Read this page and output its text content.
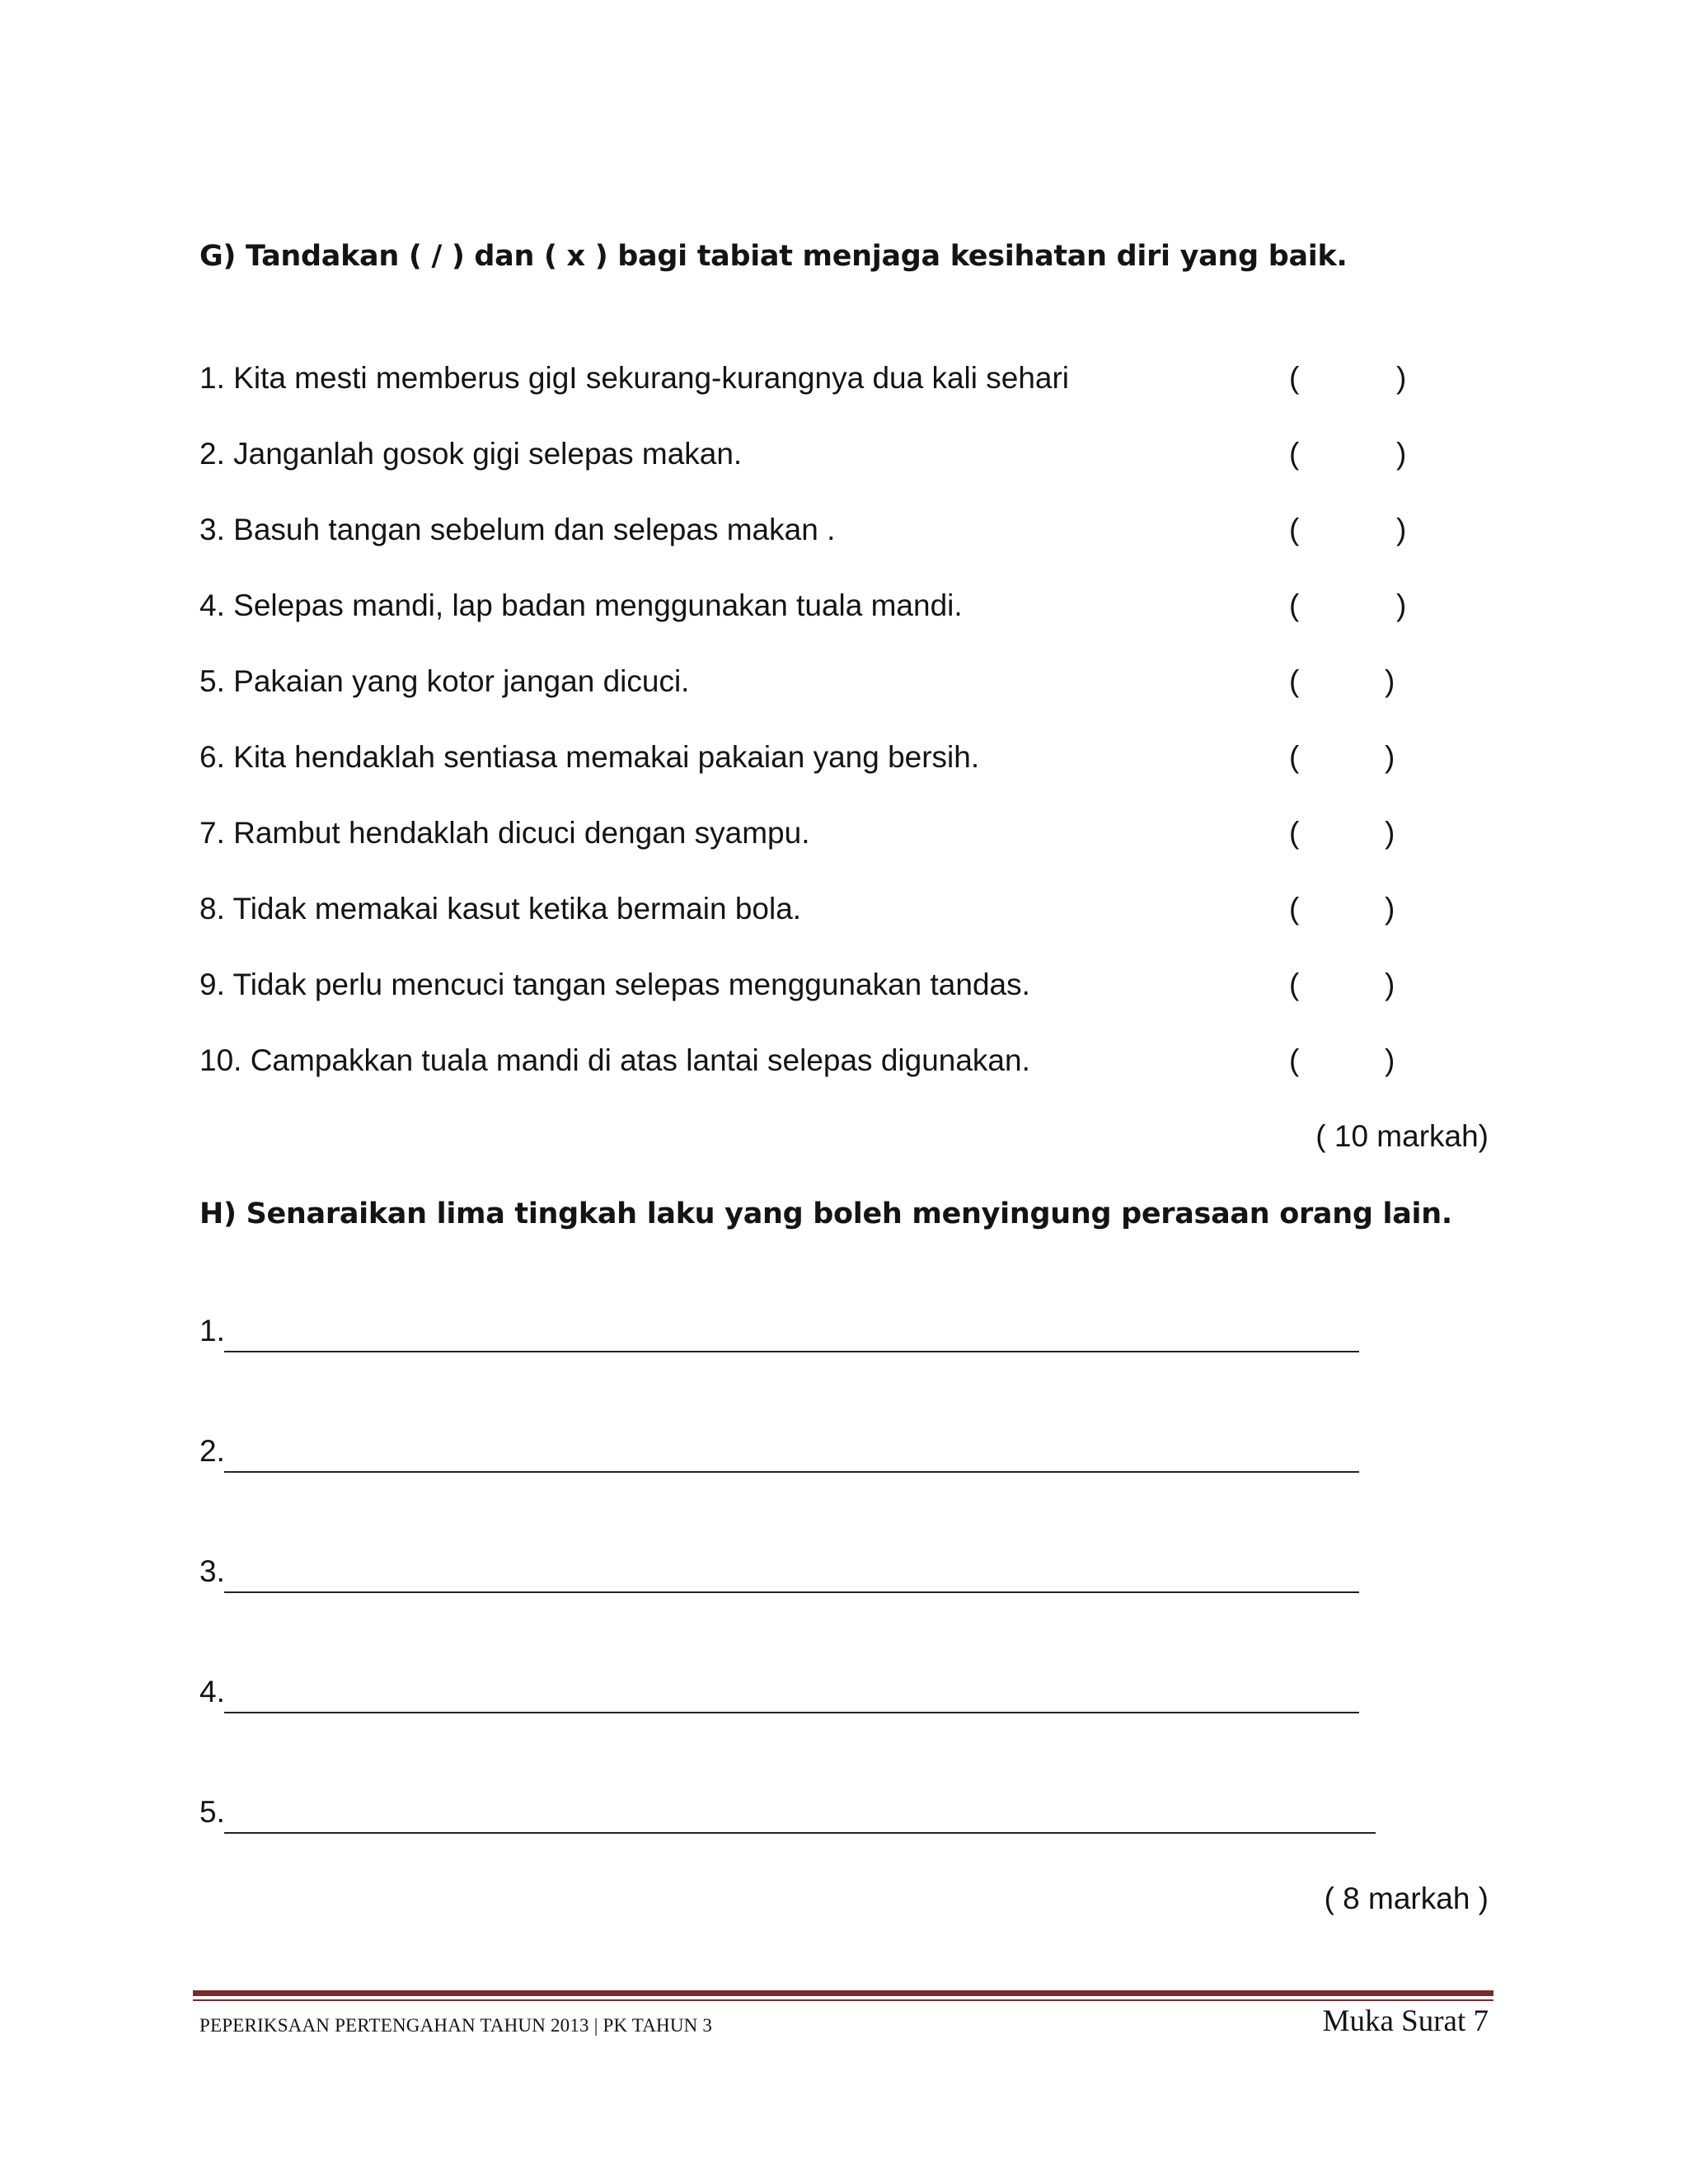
G) Tandakan ( / ) dan ( x ) bagi tabiat menjaga kesihatan diri yang baik.
1. Kita mesti memberus gigI sekurang-kurangnya dua kali sehari	(	)
2. Janganlah gosok gigi selepas makan.	(	)
3. Basuh tangan sebelum dan selepas makan .	(	)
4. Selepas mandi, lap badan menggunakan tuala mandi.	(	)
5. Pakaian yang kotor jangan dicuci.	(	)
6. Kita hendaklah sentiasa memakai pakaian yang bersih.	(	)
7. Rambut hendaklah dicuci dengan syampu.	(	)
8. Tidak memakai kasut ketika bermain bola.	(	)
9. Tidak perlu mencuci tangan selepas menggunakan tandas.	(	)
10. Campakkan tuala mandi di atas lantai selepas digunakan.	(	)
( 10 markah)
H) Senaraikan lima tingkah laku yang boleh menyingung perasaan orang lain.
1.
2.
3.
4.
5.
( 8 markah )
PEPERIKSAAN PERTENGAHAN TAHUN 2013 | PK TAHUN 3	Muka Surat 7
